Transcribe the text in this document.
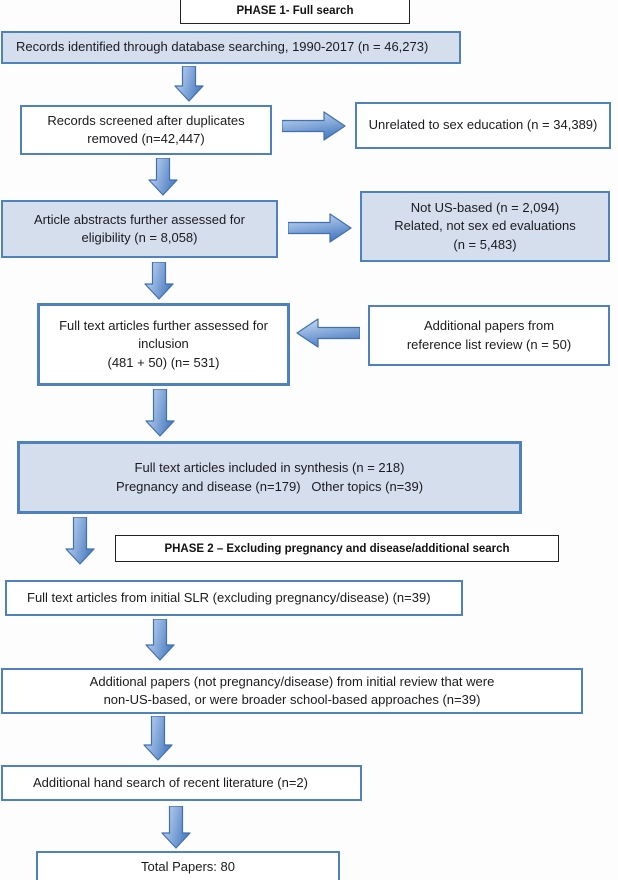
PHASE 1- Full search
PHASE 2 – Excluding pregnancy and disease/additional search
Records identified through database searching, 1990-2017 (n = 46,273)
Records screened after duplicates
removed (n=42,447)
Unrelated to sex education (n = 34,389)
Article abstracts further assessed for
eligibility (n = 8,058)
Not US-based (n = 2,094)
Related, not sex ed evaluations
(n = 5,483)
Full text articles further assessed for
inclusion
(481 + 50) (n= 531)
Additional papers from
reference list review (n = 50)
Full text articles included in synthesis (n = 218)
Pregnancy and disease (n=179)   Other topics (n=39)
Full text articles from initial SLR (excluding pregnancy/disease) (n=39)
Additional papers (not pregnancy/disease) from initial review that were
non-US-based, or were broader school-based approaches (n=39)
Additional hand search of recent literature (n=2)
Total Papers: 80
